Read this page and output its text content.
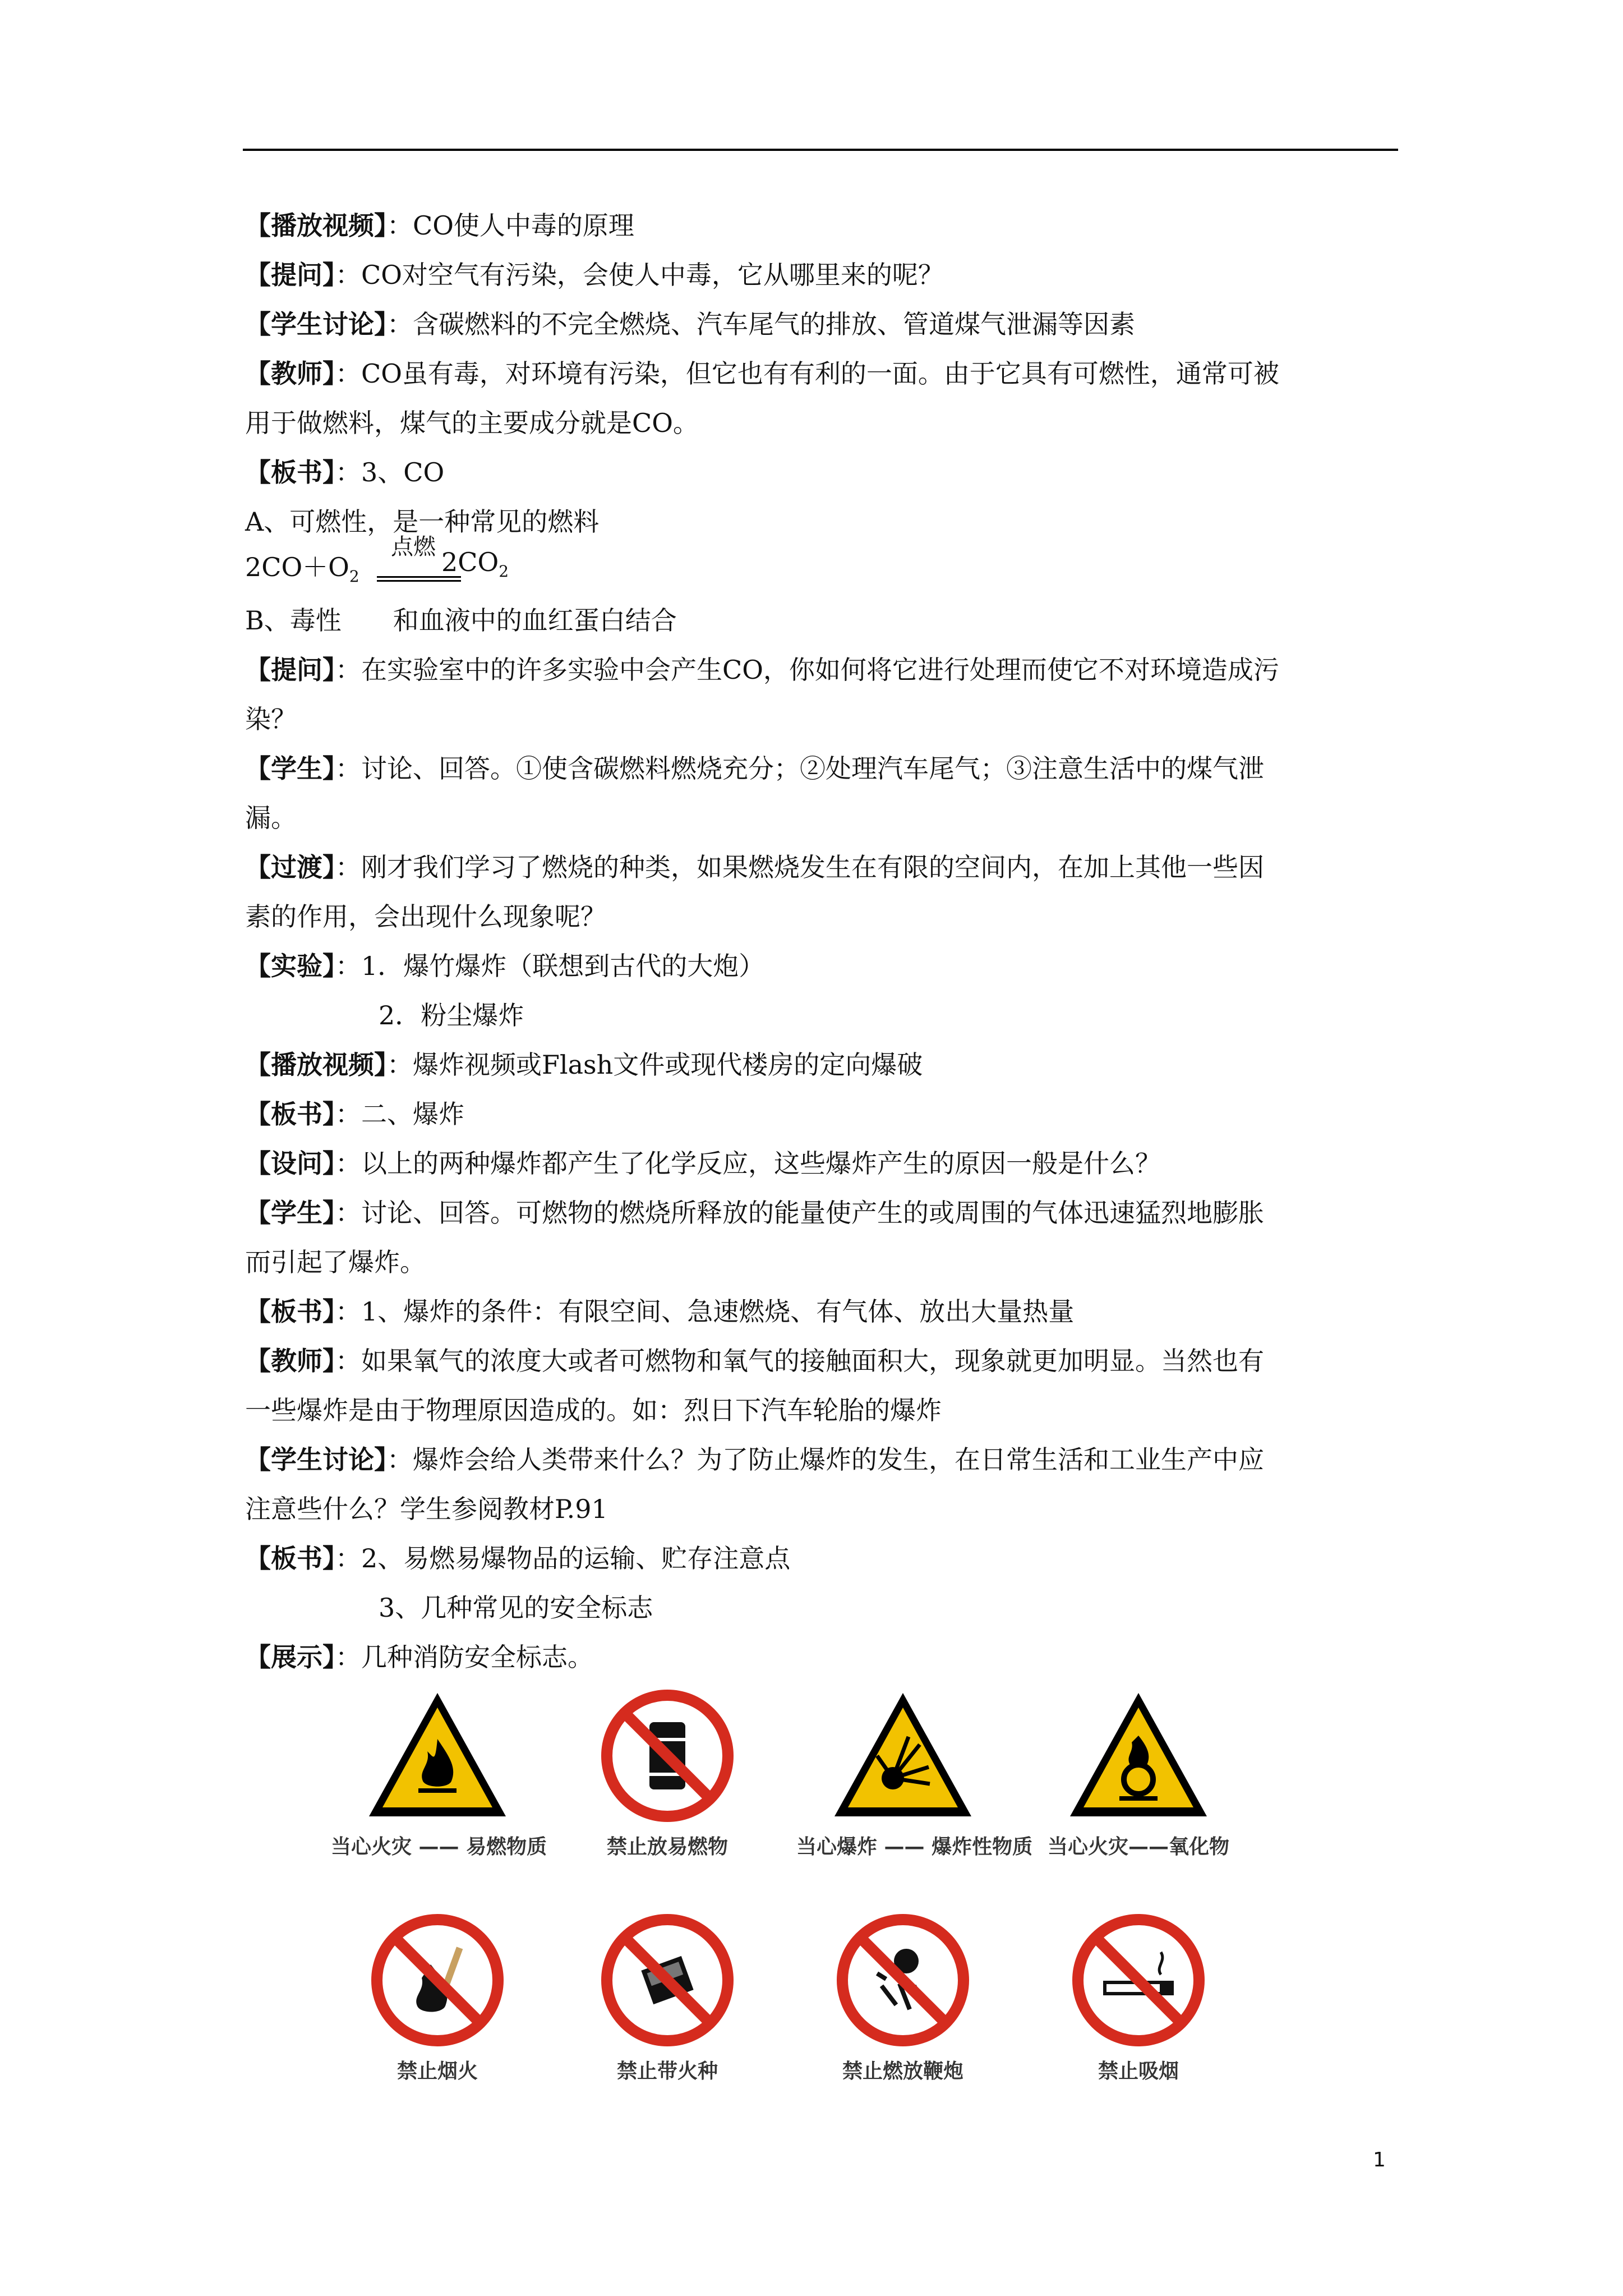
【播放视频】：CO使人中毒的原理
【提问】：CO对空气有污染，会使人中毒，它从哪里来的呢？
【学生讨论】：含碳燃料的不完全燃烧、汽车尾气的排放、管道煤气泄漏等因素
【教师】：CO虽有毒，对环境有污染，但它也有有利的一面。由于它具有可燃性，通常可被
用于做燃料，煤气的主要成分就是CO。
【板书】：3、CO
A、可燃性，是一种常见的燃料
$2CO+O_2$
点燃 $2CO_2$
B、毒性　　和血液中的血红蛋白结合
【提问】：在实验室中的许多实验中会产生CO，你如何将它进行处理而使它不对环境造成污
染？
【学生】：讨论、回答。①使含碳燃料燃烧充分；②处理汽车尾气；③注意生活中的煤气泄
漏。
【过渡】：刚才我们学习了燃烧的种类，如果燃烧发生在有限的空间内，在加上其他一些因
素的作用，会出现什么现象呢？
【实验】：1．爆竹爆炸（联想到古代的大炮）
2．粉尘爆炸
【播放视频】：爆炸视频或Flash文件或现代楼房的定向爆破
【板书】：二、爆炸
【设问】：以上的两种爆炸都产生了化学反应，这些爆炸产生的原因一般是什么？
【学生】：讨论、回答。可燃物的燃烧所释放的能量使产生的或周围的气体迅速猛烈地膨胀
而引起了爆炸。
【板书】：1、爆炸的条件：有限空间、急速燃烧、有气体、放出大量热量
【教师】：如果氧气的浓度大或者可燃物和氧气的接触面积大，现象就更加明显。当然也有
一些爆炸是由于物理原因造成的。如：烈日下汽车轮胎的爆炸
【学生讨论】：爆炸会给人类带来什么？为了防止爆炸的发生，在日常生活和工业生产中应
注意些什么？学生参阅教材P.91
【板书】：2、易燃易爆物品的运输、贮存注意点
3、几种常见的安全标志
【展示】：几种消防安全标志。
当心火灾 —— 易燃物质	禁止放易燃物	当心爆炸 —— 爆炸性物质 当心火灾——氧化物
禁止烟火	禁止带火种	禁止燃放鞭炮	禁止吸烟
1
